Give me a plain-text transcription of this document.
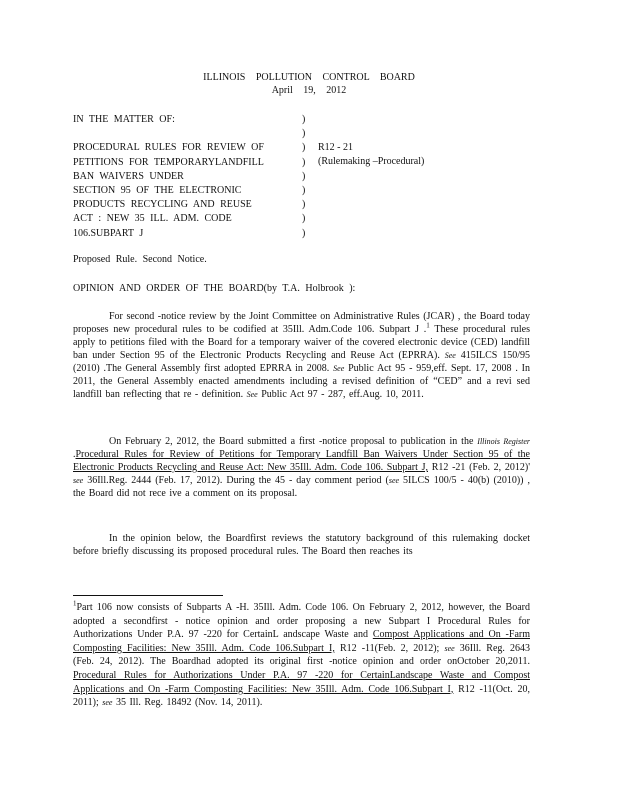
ILLINOIS POLLUTION CONTROL BOARD
April 19, 2012
IN THE MATTER OF:
PROCEDURAL RULES FOR REVIEW OF
PETITIONS FOR TEMPORARYLANDFILL
BAN WAIVERS UNDER
SECTION 95 OF THE ELECTRONIC
PRODUCTS RECYCLING AND REUSE
ACT : NEW 35 ILL. ADM. CODE
106.SUBPART J
)
)
)
)
)
)
)
)
)
R12 - 21
(Rulemaking –Procedural)
Proposed Rule. Second Notice.
OPINION AND ORDER OF THE BOARD(by T.A. Holbrook ):

For second -notice review by the Joint Committee on Administrative Rules (JCAR) , the Board today proposes new procedural rules to be codified at 35Ill. Adm.Code 106. Subpart J .$^1$ These procedural rules apply to petitions filed with the Board for a temporary waiver of the covered electronic device (CED) landfill ban under Section 95 of the Electronic Products Recycling and Reuse Act (EPRRA). See 415ILCS 150/95 (2010) .The General Assembly first adopted EPRRA in 2008. See Public Act 95 - 959,eff. Sept. 17, 2008 . In 2011, the General Assembly enacted amendments including a revised definition of “CED” and a revi sed landfill ban reflecting that re - definition. See Public Act 97 - 287, eff.Aug. 10, 2011.

On February 2, 2012, the Board submitted a first -notice proposal to publication in the Illinois Register .Procedural Rules for Review of Petitions for Temporary Landfill Ban Waivers Under Section 95 of the Electronic Products Recycling and Reuse Act: New 35Ill. Adm. Code 106. Subpart J, R12 -21 (Feb. 2, 2012)' see 36Ill.Reg. 2444 (Feb. 17, 2012). During the 45 - day comment period (see 5ILCS 100/5 - 40(b) (2010)) , the Board did not rece ive a comment on its proposal.

In the opinion below, the Boardfirst reviews the statutory background of this rulemaking docket before briefly discussing its proposed procedural rules. The Board then reaches its

$^1$Part 106 now consists of Subparts A -H. 35Ill. Adm. Code 106. On February 2, 2012, however, the Board adopted a secondfirst - notice opinion and order proposing a new Subpart I Procedural Rules for Authorizations Under P.A. 97 -220 for CertainL andscape Waste and Compost Applications and On -Farm Composting Facilities: New 35Ill. Adm. Code 106.Subpart I, R12 -11(Feb. 2, 2012); see 36Ill. Reg. 2643 (Feb. 24, 2012). The Boardhad adopted its original first -notice opinion and order onOctober 20,2011. Procedural Rules for Authorizations Under P.A. 97 -220 for CertainLandscape Waste and Compost Applications and On -Farm Composting Facilities: New 35Ill. Adm. Code 106.Subpart I, R12 -11(Oct. 20, 2011); see 35 Ill. Reg. 18492 (Nov. 14, 2011).
